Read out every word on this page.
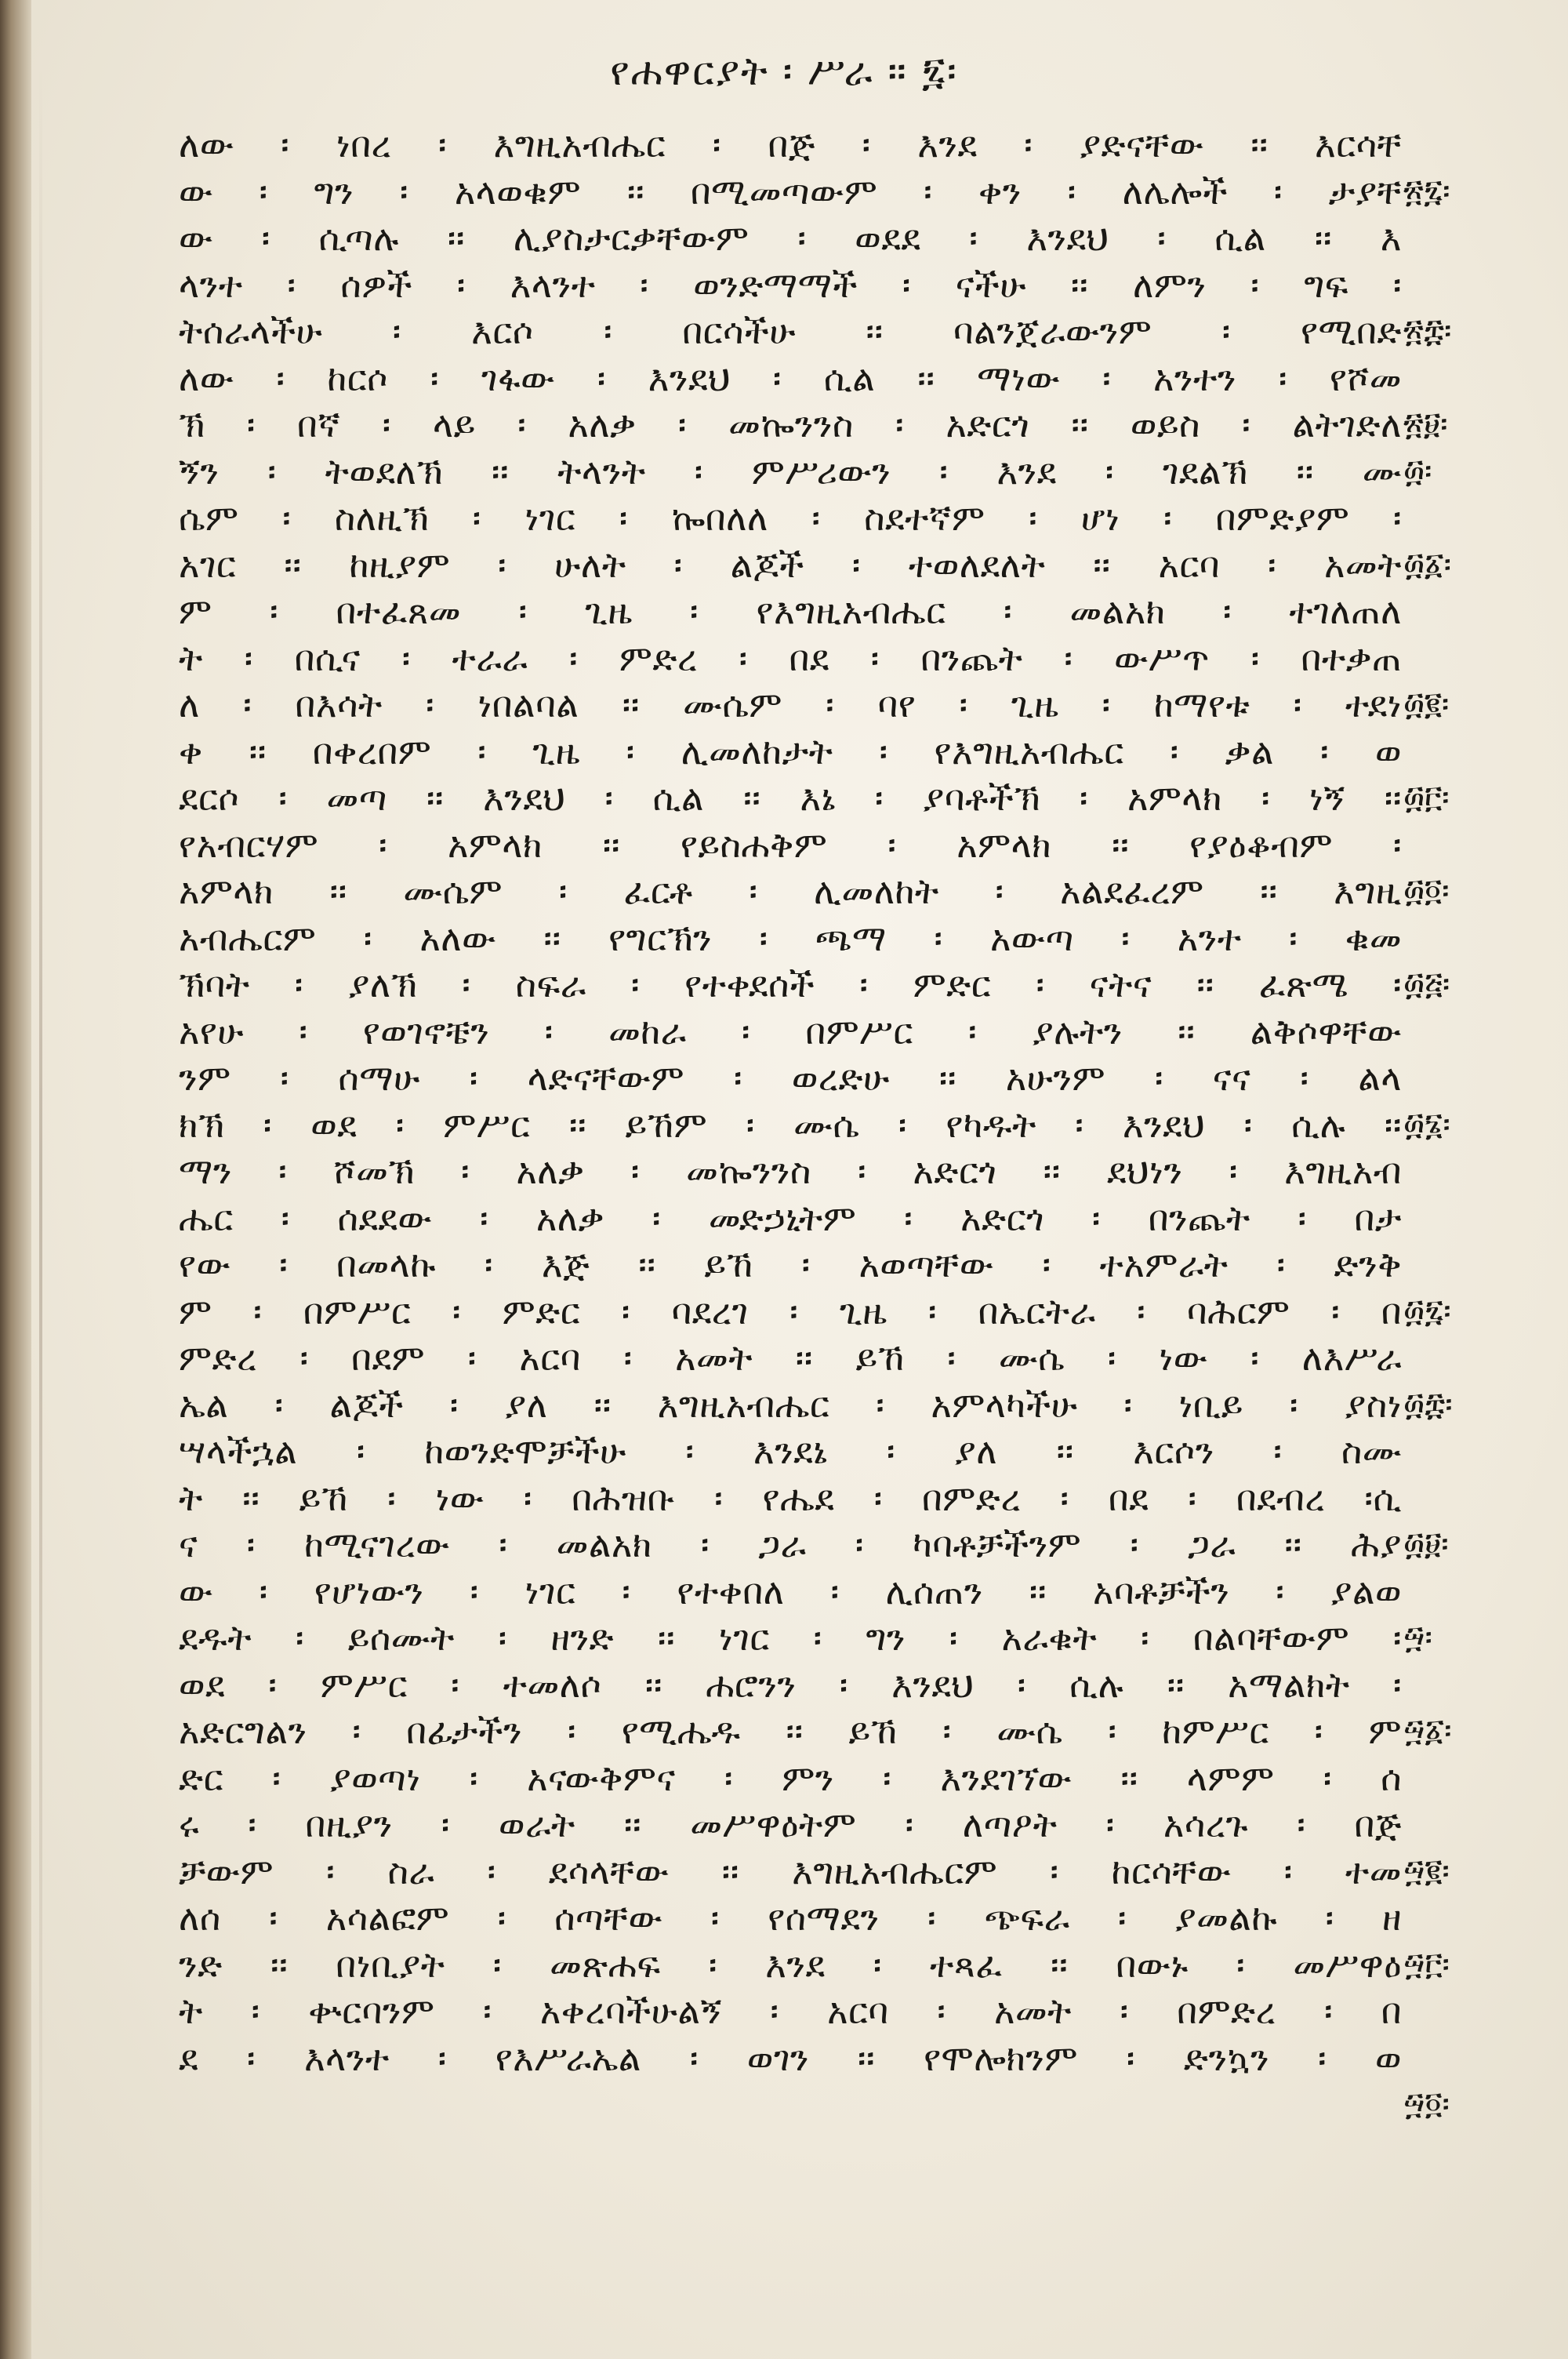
የሐዋርያት ፡ ሥራ ። ፯፡
ለው ፡ ነበረ ፡ እግዚአብሔር ፡ በጅ ፡ እንደ ፡ ያድናቸው ፡፡ እርሳቸ
ው ፡ ግን ፡ አላወቁም ፡፡ በሚመጣውም ፡ ቀን ፡ ለሌሎች ፡ ታያቸ
ው ፡ ሲጣሉ ፡፡ ሊያስታርቃቸውም ፡ ወደደ ፡ እንደህ ፡ ሲል ፡፡ እ
ላንተ ፡ ሰዎች ፡ እላንተ ፡ ወንድማማች ፡ ናችሁ ፡፡ ለምን ፡ ግፍ ፡
ትሰራላችሁ ፡ እርሶ ፡ በርሳችሁ ፡፡ ባልንጀራውንም ፡ የሚበድ
ለው ፡ ከርሶ ፡ ገፋው ፡ እንደህ ፡ ሲል ፡፡ ማነው ፡ አንተን ፡ የሾመ
ኽ ፡ በኛ ፡ ላይ ፡ አለቃ ፡ መኰንንስ ፡ አድርጎ ፡፡ ወይስ ፡ ልትገድለ
ኝን ፡ ትወደለኽ ፡፡ ትላንት ፡ ምሥሪውን ፡ እንደ ፡ ገደልኽ ፡፡ ሙ
ሴም ፡ ስለዚኽ ፡ ነገር ፡ ኰበለለ ፡ ስደተኛም ፡ ሆነ ፡ በምድያም ፡
አገር ፡፡ ከዚያም ፡ ሁለት ፡ ልጆች ፡ ተወለደለት ፡፡ አርባ ፡ አመት
ም ፡ በተፈጸመ ፡ ጊዜ ፡ የእግዚአብሔር ፡ መልአክ ፡ ተገለጠለ
ት ፡ በሲና ፡ ተራራ ፡ ምድረ ፡ በደ ፡ በንጨት ፡ ውሥጥ ፡ በተቃጠ
ለ ፡ በእሳት ፡ ነበልባል ፡፡ ሙሴም ፡ ባየ ፡ ጊዜ ፡ ከማየቱ ፡ ተደነ
ቀ ፡፡ በቀረበም ፡ ጊዜ ፡ ሊመለከታት ፡ የእግዚአብሔር ፡ ቃል ፡ ወ
ደርሶ ፡ መጣ ፡፡ እንደህ ፡ ሲል ፡፡ እኔ ፡ ያባቶችኽ ፡ አምላክ ፡ ነኝ ፡፡
የአብርሃም ፡ አምላክ ፡፡ የይስሐቅም ፡ አምላክ ፡፡ የያዕቆብም ፡
አምላክ ፡፡ ሙሴም ፡ ፈርቶ ፡ ሊመለከት ፡ አልደፈረም ፡፡ እግዚ
አብሔርም ፡ አለው ፡፡ የግርኽን ፡ ጫማ ፡ አውጣ ፡ አንተ ፡ ቁመ
ኽባት ፡ ያለኽ ፡ ስፍራ ፡ የተቀደሰች ፡ ምድር ፡ ናትና ፡፡ ፈጽሜ ፡
አየሁ ፡ የወገኖቼን ፡ መከራ ፡ በምሥር ፡ ያሉትን ፡፡ ልቅሶዋቸው
ንም ፡ ሰማሁ ፡ ላድናቸውም ፡ ወረድሁ ፡፡ አሁንም ፡ ናና ፡ ልላ
ክኽ ፡ ወደ ፡ ምሥር ፡፡ ይኸም ፡ ሙሴ ፡ የካዱት ፡ እንደህ ፡ ሲሉ ፡፡
ማን ፡ ሾመኽ ፡ አለቃ ፡ መኰንንስ ፡ አድርጎ ፡፡ ደህነን ፡ እግዚአብ
ሔር ፡ ሰደደው ፡ አለቃ ፡ መድኃኒትም ፡ አድርጎ ፡ በንጨት ፡ በታ
የው ፡ በመላኩ ፡ እጅ ፡፡ ይኸ ፡ አወጣቸው ፡ ተአምራት ፡ ድንቅ
ም ፡ በምሥር ፡ ምድር ፡ ባደረገ ፡ ጊዜ ፡ በኤርትራ ፡ ባሕርም ፡ በ
ምድረ ፡ በደም ፡ አርባ ፡ አመት ፡፡ ይኸ ፡ ሙሴ ፡ ነው ፡ ለእሥራ
ኤል ፡ ልጆች ፡ ያለ ፡፡ እግዚአብሔር ፡ አምላካችሁ ፡ ነቢይ ፡ ያስነ
ሣላችኋል ፡ ከወንድሞቻችሁ ፡ እንደኔ ፡ ያለ ፡፡ እርሶን ፡ ስሙ
ት ፡፡ ይኸ ፡ ነው ፡ በሕዝቡ ፡ የሔደ ፡ በምድረ ፡ በደ ፡ በደብረ ፡ሲ
ና ፡ ከሚናገረው ፡ መልአክ ፡ ጋራ ፡ ካባቶቻችንም ፡ ጋራ ፡፡ ሕያ
ው ፡ የሆነውን ፡ ነገር ፡ የተቀበለ ፡ ሊሰጠን ፡፡ አባቶቻችን ፡ ያልወ
ደዱት ፡ ይሰሙት ፡ ዘንድ ፡፡ ነገር ፡ ግን ፡ አራቁት ፡ በልባቸውም ፡
ወደ ፡ ምሥር ፡ ተመለሶ ፡፡ ሐሮንን ፡ እንደህ ፡ ሲሉ ፡፡ አማልክት ፡
አድርግልን ፡ በፊታችን ፡ የሚሔዱ ፡፡ ይኸ ፡ ሙሴ ፡ ከምሥር ፡ ም
ድር ፡ ያወጣነ ፡ አናውቅምና ፡ ምን ፡ እንደገኘው ፡፡ ላምም ፡ ሰ
ሩ ፡ በዚያን ፡ ወራት ፡፡ መሥዋዕትም ፡ ለጣዖት ፡ አሳረጉ ፡ በጅ
ቻውም ፡ ስራ ፡ ደሳላቸው ፡፡ እግዚአብሔርም ፡ ከርሳቸው ፡ ተመ
ለሰ ፡ አሳልፎም ፡ ሰጣቸው ፡ የሰማደን ፡ ጭፍራ ፡ ያመልኩ ፡ ዘ
ንድ ፡፡ በነቢያት ፡ መጽሐፍ ፡ እንደ ፡ ተጻፈ ፡፡ በውኑ ፡ መሥዋዕ
ት ፡ ቍርባንም ፡ አቀረባችሁልኝ ፡ አርባ ፡ አመት ፡ በምድረ ፡ በ
ደ ፡ እላንተ ፡ የእሥራኤል ፡ ወገን ፡፡ የሞሎክንም ፡ ድንኳን ፡ ወ
፳፯፡
፳፰፡
፳፱፡
፴፡
፴፩፡
፴፪፡
፴፫፡
፴፬፡
፴፭፡
፴፮፡
፴፯፡
፴፰፡
፴፱፡
፵፡
፵፩፡
፵፪፡
፵፫፡
፵፬፡
